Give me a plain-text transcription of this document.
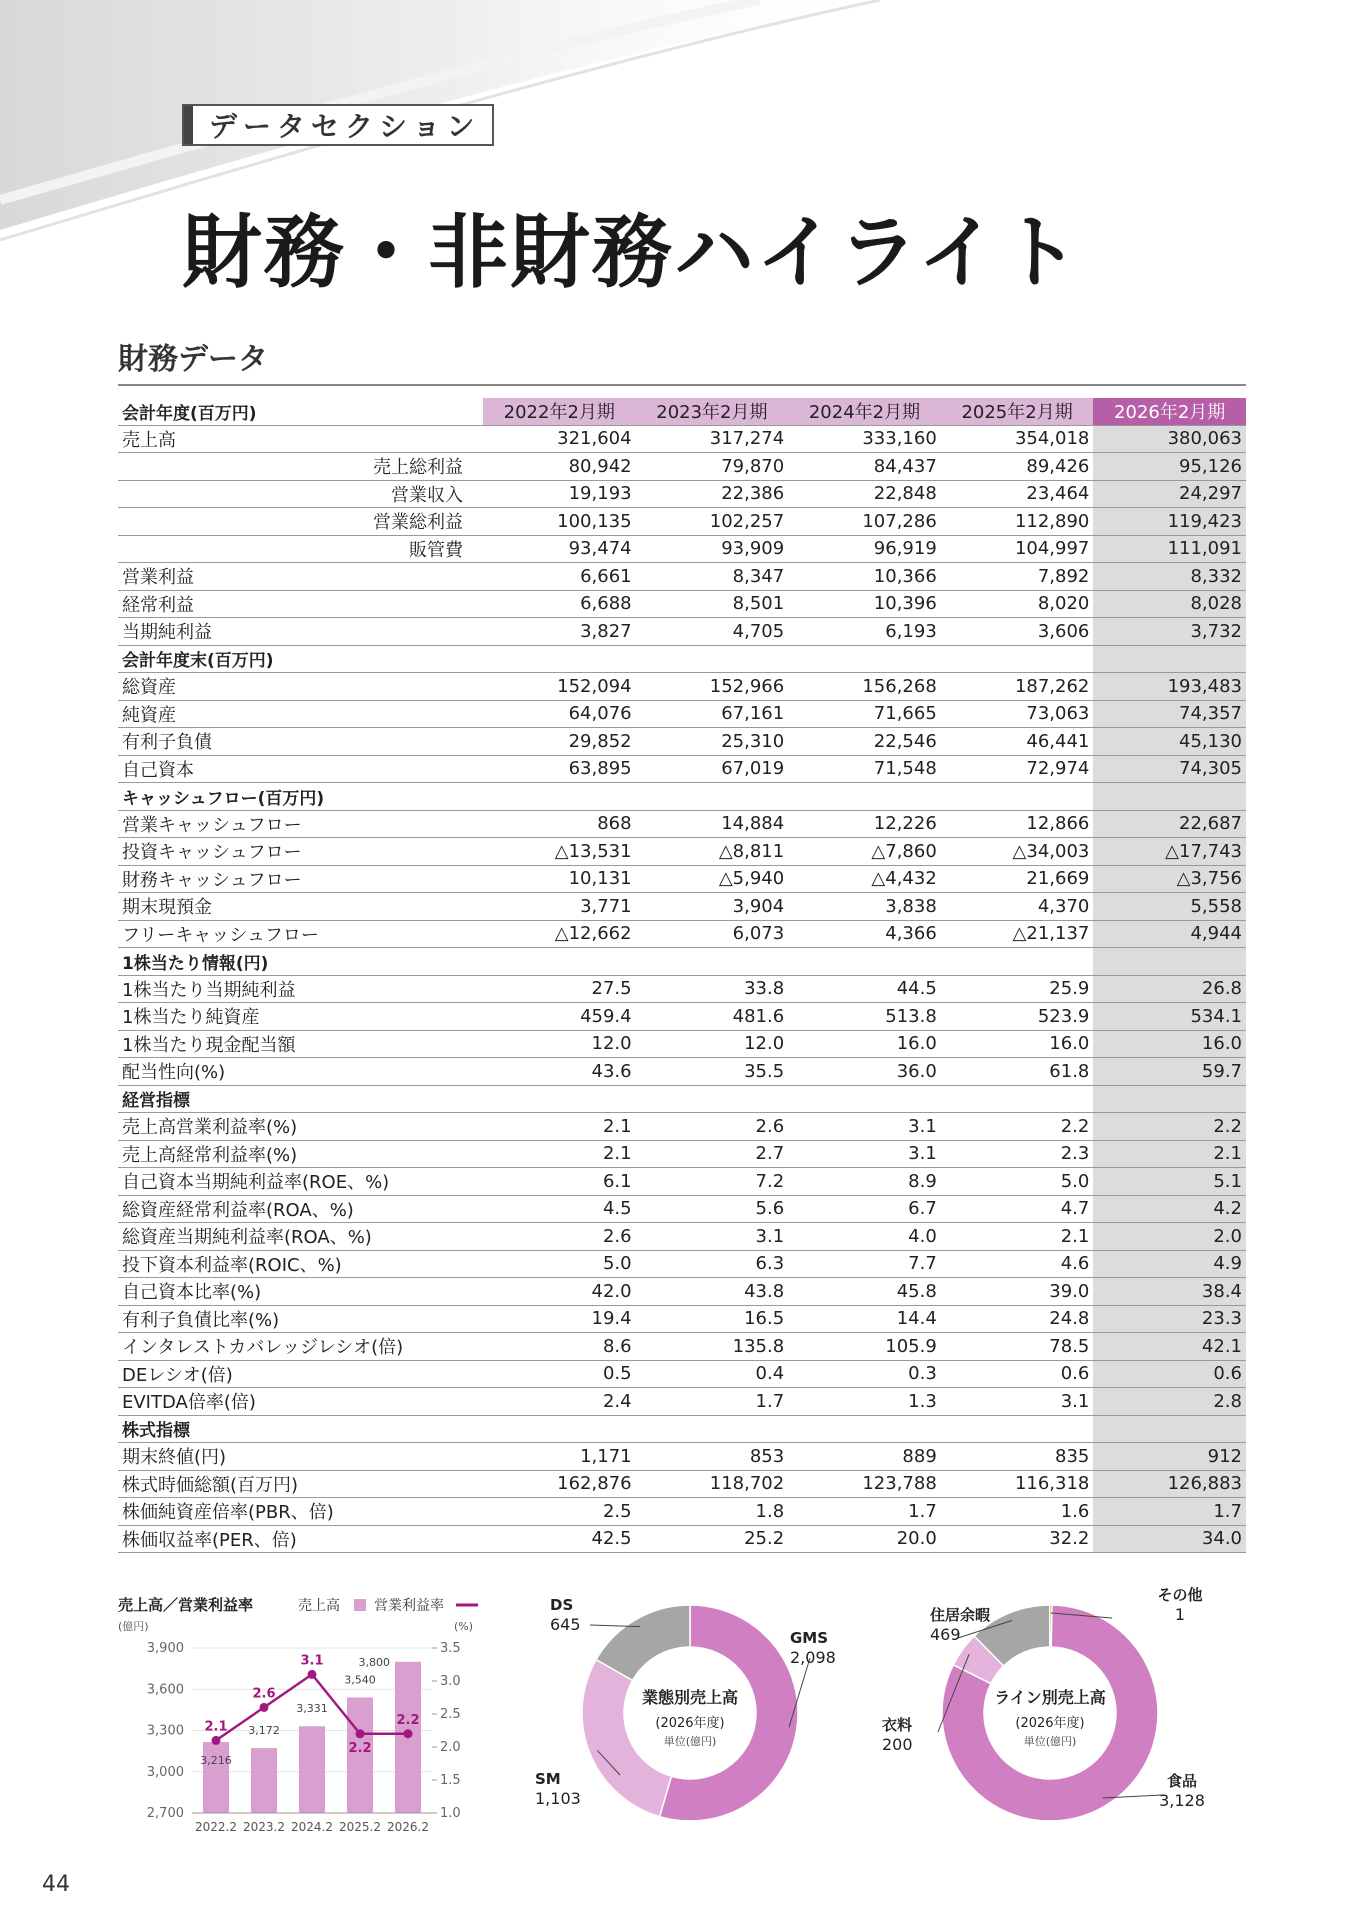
データセクション
財務・非財務ハイライト
財務データ
会計年度(百万円)	2022年2月期	2023年2月期	2024年2月期	2025年2月期	2026年2月期
売上高	321,604	317,274	333,160	354,018	380,063
売上総利益	80,942	79,870	84,437	89,426	95,126
営業収入	19,193	22,386	22,848	23,464	24,297
営業総利益	100,135	102,257	107,286	112,890	119,423
販管費	93,474	93,909	96,919	104,997	111,091
営業利益	6,661	8,347	10,366	7,892	8,332
経常利益	6,688	8,501	10,396	8,020	8,028
当期純利益	3,827	4,705	6,193	3,606	3,732
会計年度末(百万円)					
総資産	152,094	152,966	156,268	187,262	193,483
純資産	64,076	67,161	71,665	73,063	74,357
有利子負債	29,852	25,310	22,546	46,441	45,130
自己資本	63,895	67,019	71,548	72,974	74,305
キャッシュフロー(百万円)					
営業キャッシュフロー	868	14,884	12,226	12,866	22,687
投資キャッシュフロー	△13,531	△8,811	△7,860	△34,003	△17,743
財務キャッシュフロー	10,131	△5,940	△4,432	21,669	△3,756
期末現預金	3,771	3,904	3,838	4,370	5,558
フリーキャッシュフロー	△12,662	6,073	4,366	△21,137	4,944
1株当たり情報(円)					
1株当たり当期純利益	27.5	33.8	44.5	25.9	26.8
1株当たり純資産	459.4	481.6	513.8	523.9	534.1
1株当たり現金配当額	12.0	12.0	16.0	16.0	16.0
配当性向(%)	43.6	35.5	36.0	61.8	59.7
経営指標					
売上高営業利益率(%)	2.1	2.6	3.1	2.2	2.2
売上高経常利益率(%)	2.1	2.7	3.1	2.3	2.1
自己資本当期純利益率(ROE、%)	6.1	7.2	8.9	5.0	5.1
総資産経常利益率(ROA、%)	4.5	5.6	6.7	4.7	4.2
総資産当期純利益率(ROA、%)	2.6	3.1	4.0	2.1	2.0
投下資本利益率(ROIC、%)	5.0	6.3	7.7	4.6	4.9
自己資本比率(%)	42.0	43.8	45.8	39.0	38.4
有利子負債比率(%)	19.4	16.5	14.4	24.8	23.3
インタレストカバレッジレシオ(倍)	8.6	135.8	105.9	78.5	42.1
DEレシオ(倍)	0.5	0.4	0.3	0.6	0.6
EVITDA倍率(倍)	2.4	1.7	1.3	3.1	2.8
株式指標					
期末終値(円)	1,171	853	889	835	912
株式時価総額(百万円)	162,876	118,702	123,788	116,318	126,883
株価純資産倍率(PBR、倍)	2.5	1.8	1.7	1.6	1.7
株価収益率(PER、倍)	42.5	25.2	20.0	32.2	34.0
売上高／営業利益率	売上高 営業利益率
(億円)	(%)
3,900
3,600
3,300
3,000
2,700
3.5
3.0
2.5
2.0
1.5
1.0
2022.2 2023.2 2024.2 2025.2 2026.2
3,216
3,172
3,331
3,540
3,800
2.1
2.6
3.1
2.2
2.2
GMS
2,098
SM
1,103
DS
645
業態別売上高
(2026年度)
単位(億円)
食品
3,128
衣料
200
住居余暇
469
その他
1
ライン別売上高
(2026年度)
単位(億円)
44
